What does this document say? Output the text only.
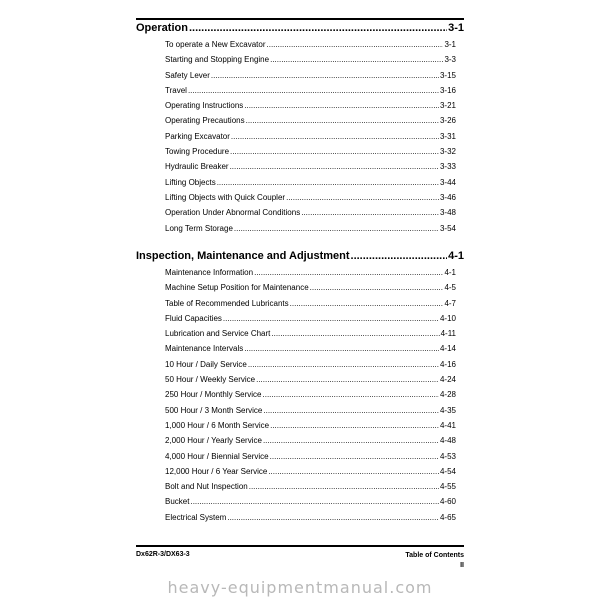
Operation .....	3-1
To operate a New Excavator .....	3-1
Starting and Stopping Engine .....	3-3
Safety Lever .....	3-15
Travel .....	3-16
Operating Instructions .....	3-21
Operating Precautions .....	3-26
Parking Excavator .....	3-31
Towing Procedure .....	3-32
Hydraulic Breaker .....	3-33
Lifting Objects .....	3-44
Lifting Objects with Quick Coupler .....	3-46
Operation Under Abnormal Conditions .....	3-48
Long Term Storage .....	3-54
Inspection, Maintenance and Adjustment .....	4-1
Maintenance Information .....	4-1
Machine Setup Position for Maintenance .....	4-5
Table of Recommended Lubricants .....	4-7
Fluid Capacities .....	4-10
Lubrication and Service Chart .....	4-11
Maintenance Intervals .....	4-14
10 Hour / Daily Service .....	4-16
50 Hour / Weekly Service .....	4-24
250 Hour / Monthly Service .....	4-28
500 Hour / 3 Month Service .....	4-35
1,000 Hour / 6 Month Service .....	4-41
2,000 Hour / Yearly Service .....	4-48
4,000 Hour / Biennial Service .....	4-53
12,000 Hour / 6 Year Service .....	4-54
Bolt and Nut Inspection .....	4-55
Bucket .....	4-60
Electrical System .....	4-65
Dx62R-3/DX63-3	Table of Contents
II
heavy-equipmentmanual.com
